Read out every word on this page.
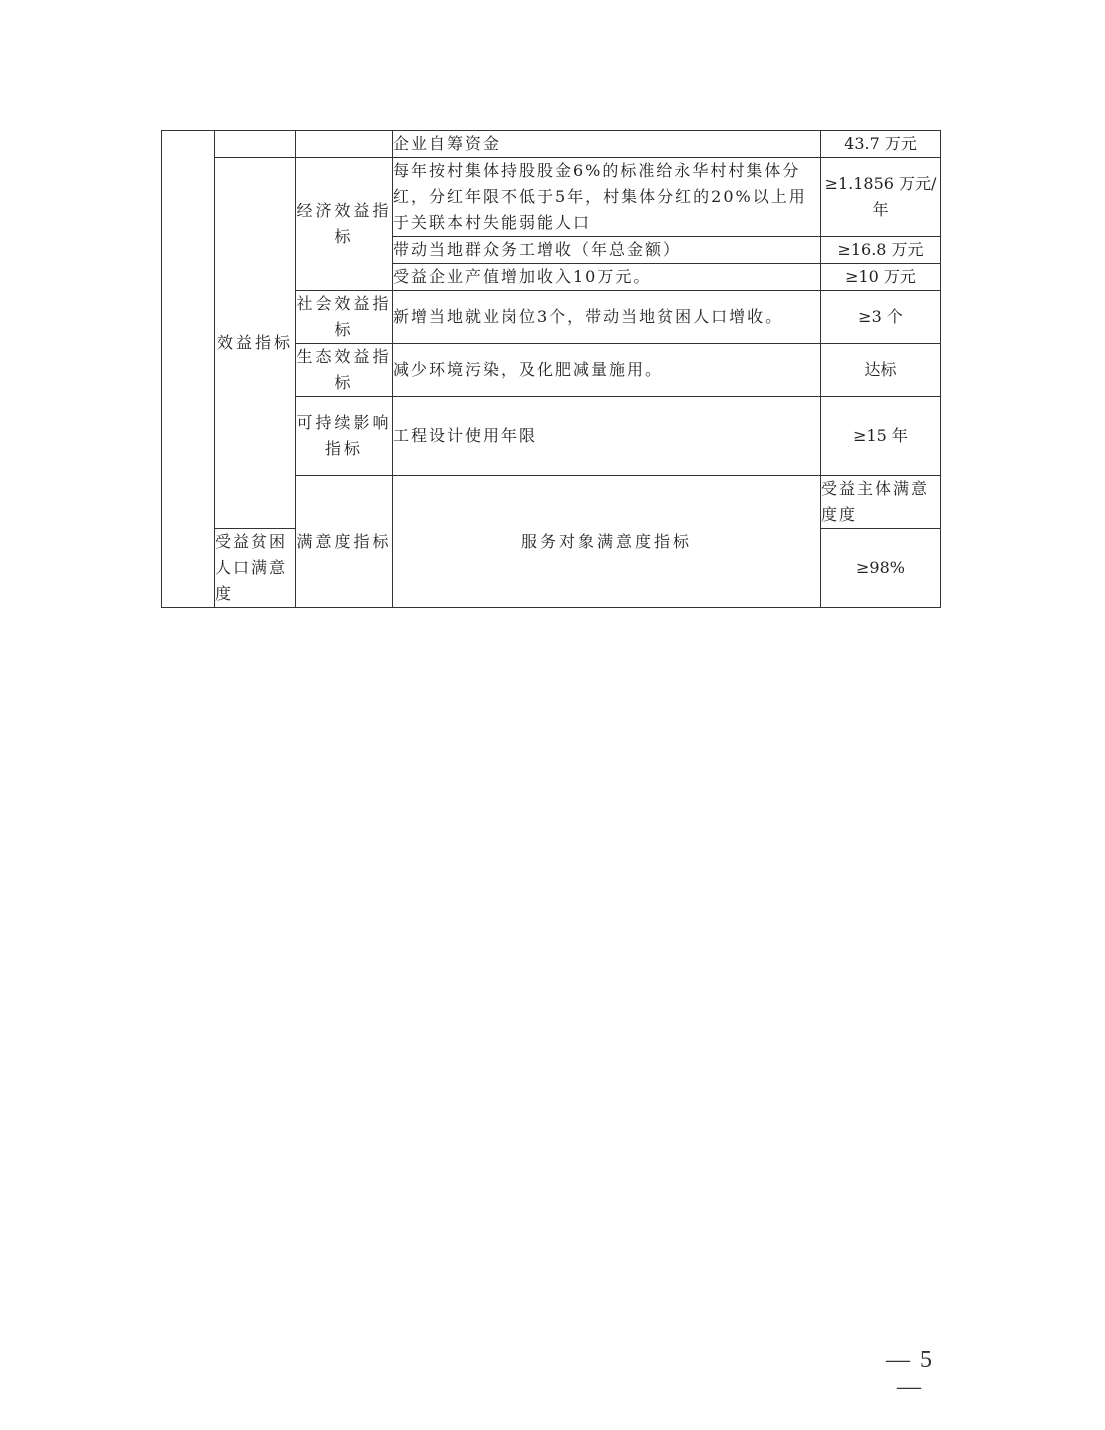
			企业自筹资金	43.7 万元	
	效益指标	经济效益指标	每年按村集体持股股金6%的标准给永华村村集体分红，分红年限不低于5年，村集体分红的20%以上用于关联本村失能弱能人口	≥1.1856 万元/年	
			带动当地群众务工增收（年总金额）	≥16.8 万元	
			受益企业产值增加收入10万元。	≥10 万元	
		社会效益指标	新增当地就业岗位3个，带动当地贫困人口增收。	≥3 个	
		生态效益指标	减少环境污染，及化肥减量施用。	达标	
		可持续影响指标	工程设计使用年限	≥15 年	
		满意度指标	服务对象满意度指标	受益主体满意度度	
	受益贫困人口满意度			≥98%	
— 5 —
